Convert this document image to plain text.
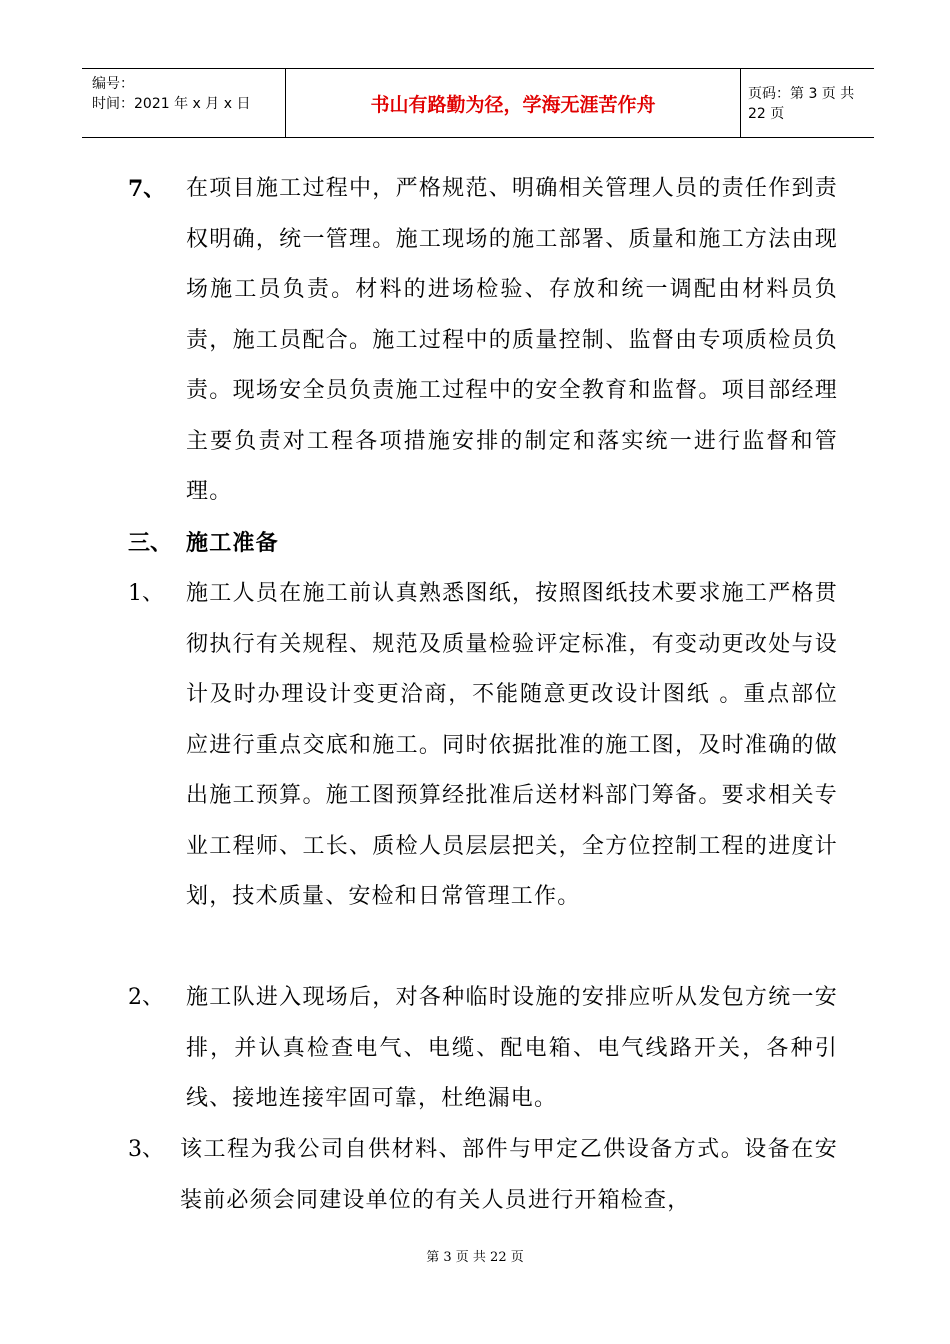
编号：
时间：2021 年 x 月 x 日	书山有路勤为径，学海无涯苦作舟	页码：第 3 页 共 22 页
7、 在项目施工过程中，严格规范、明确相关管理人员的责任作到责权明确，统一管理。施工现场的施工部署、质量和施工方法由现场施工员负责。材料的进场检验、存放和统一调配由材料员负责，施工员配合。施工过程中的质量控制、监督由专项质检员负责。现场安全员负责施工过程中的安全教育和监督。项目部经理主要负责对工程各项措施安排的制定和落实统一进行监督和管理。
三、 施工准备
1、 施工人员在施工前认真熟悉图纸，按照图纸技术要求施工严格贯彻执行有关规程、规范及质量检验评定标准，有变动更改处与设计及时办理设计变更洽商，不能随意更改设计图纸 。重点部位应进行重点交底和施工。同时依据批准的施工图，及时准确的做出施工预算。施工图预算经批准后送材料部门筹备。要求相关专业工程师、工长、质检人员层层把关，全方位控制工程的进度计划，技术质量、安检和日常管理工作。
2、 施工队进入现场后，对各种临时设施的安排应听从发包方统一安排，并认真检查电气、电缆、配电箱、电气线路开关，各种引线、接地连接牢固可靠，杜绝漏电。
3、 该工程为我公司自供材料、部件与甲定乙供设备方式。设备在安装前必须会同建设单位的有关人员进行开箱检查，
第 3 页 共 22 页
